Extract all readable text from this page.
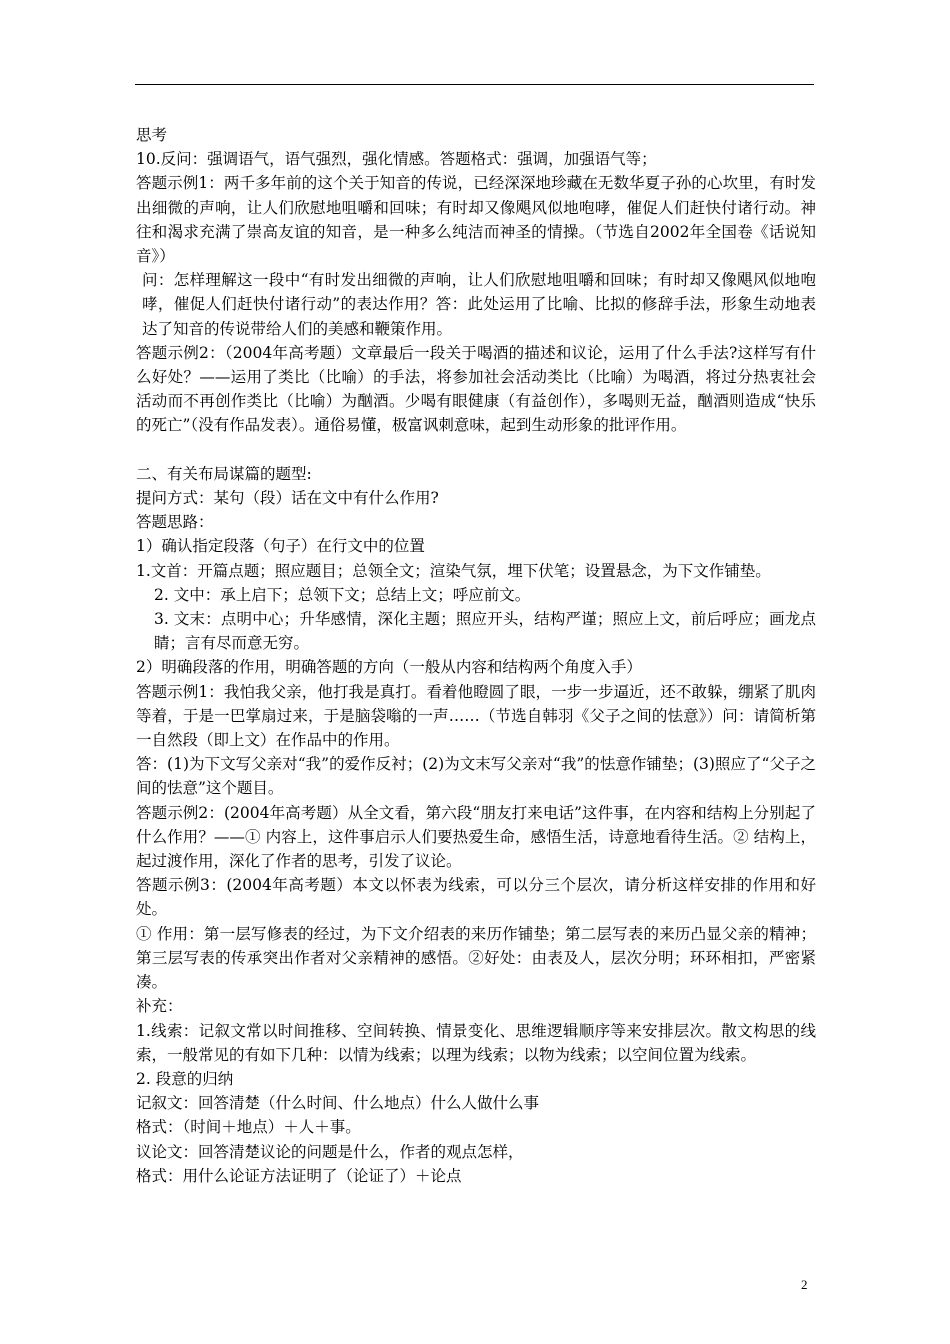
思考

10.反问：强调语气，语气强烈，强化情感。答题格式：强调，加强语气等；

答题示例1：两千多年前的这个关于知音的传说，已经深深地珍藏在无数华夏子孙的心坎里，有时发出细微的声响，让人们欣慰地咀嚼和回味；有时却又像飓风似地咆哮，催促人们赶快付诸行动。神往和渴求充满了崇高友谊的知音，是一种多么纯洁而神圣的情操。（节选自2002年全国卷《话说知音》）

问：怎样理解这一段中“有时发出细微的声响，让人们欣慰地咀嚼和回味；有时却又像飓风似地咆哮，催促人们赶快付诸行动”的表达作用？答：此处运用了比喻、比拟的修辞手法，形象生动地表达了知音的传说带给人们的美感和鞭策作用。

答题示例2：（2004年高考题）文章最后一段关于喝酒的描述和议论，运用了什么手法?这样写有什么好处？——运用了类比（比喻）的手法，将参加社会活动类比（比喻）为喝酒，将过分热衷社会活动而不再创作类比（比喻）为酗酒。少喝有眼健康（有益创作），多喝则无益，酗酒则造成“快乐的死亡”（没有作品发表）。通俗易懂，极富讽刺意味，起到生动形象的批评作用。

二、有关布局谋篇的题型:

提问方式：某句（段）话在文中有什么作用?

答题思路：

1）确认指定段落（句子）在行文中的位置

1.文首：开篇点题；照应题目；总领全文；渲染气氛，埋下伏笔；设置悬念，为下文作铺垫。

2. 文中：承上启下；总领下文；总结上文；呼应前文。

3. 文末：点明中心；升华感情，深化主题；照应开头，结构严谨；照应上文，前后呼应；画龙点睛；言有尽而意无穷。

2）明确段落的作用，明确答题的方向（一般从内容和结构两个角度入手）

答题示例1：我怕我父亲，他打我是真打。看着他瞪圆了眼，一步一步逼近，还不敢躲，绷紧了肌肉等着，于是一巴掌扇过来，于是脑袋嗡的一声……（节选自韩羽《父子之间的怯意》）问：请简析第一自然段（即上文）在作品中的作用。

答：(1)为下文写父亲对“我”的爱作反衬；(2)为文末写父亲对“我”的怯意作铺垫；(3)照应了“父子之间的怯意”这个题目。

答题示例2：(2004年高考题）从全文看，第六段“朋友打来电话”这件事，在内容和结构上分别起了什么作用？——① 内容上，这件事启示人们要热爱生命，感悟生活，诗意地看待生活。② 结构上，起过渡作用，深化了作者的思考，引发了议论。

答题示例3：(2004年高考题）本文以怀表为线索，可以分三个层次，请分析这样安排的作用和好处。

① 作用：第一层写修表的经过，为下文介绍表的来历作铺垫；第二层写表的来历凸显父亲的精神；第三层写表的传承突出作者对父亲精神的感悟。②好处：由表及人，层次分明；环环相扣，严密紧凑。

补充：

1.线索：记叙文常以时间推移、空间转换、情景变化、思维逻辑顺序等来安排层次。散文构思的线索，一般常见的有如下几种：以情为线索；以理为线索；以物为线索；以空间位置为线索。

2. 段意的归纳

记叙文：回答清楚（什么时间、什么地点）什么人做什么事

格式：（时间＋地点）＋人＋事。

议论文：回答清楚议论的问题是什么，作者的观点怎样，

格式：用什么论证方法证明了（论证了）＋论点

2
